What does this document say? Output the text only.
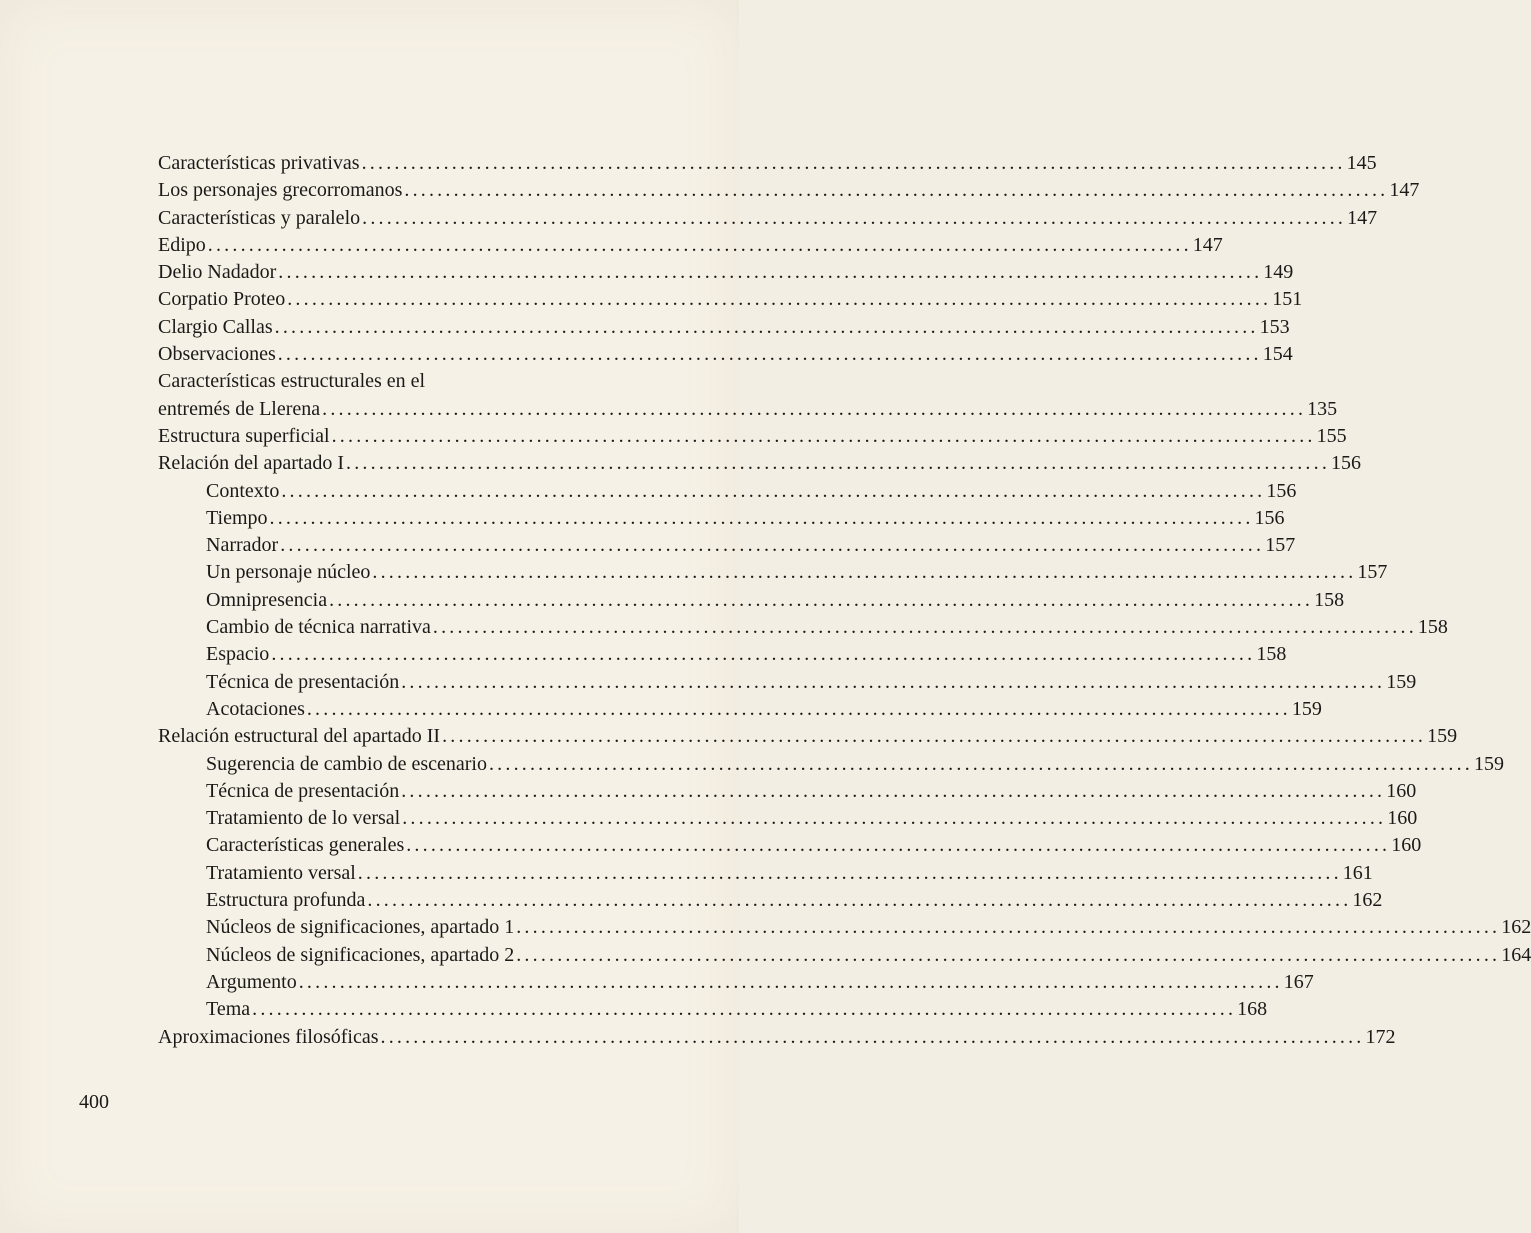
Características privativas ........................................................................................................................ 145
Los personajes grecorromanos ........................................................................................................................ 147
Características y paralelo ........................................................................................................................ 147
Edipo ........................................................................................................................ 147
Delio Nadador ........................................................................................................................ 149
Corpatio Proteo ........................................................................................................................ 151
Clargio Callas ........................................................................................................................ 153
Observaciones ........................................................................................................................ 154
Características estructurales en el
entremés de Llerena ........................................................................................................................ 135
Estructura superficial ........................................................................................................................ 155
Relación del apartado I ........................................................................................................................ 156
Contexto ........................................................................................................................ 156
Tiempo ........................................................................................................................ 156
Narrador ........................................................................................................................ 157
Un personaje núcleo ........................................................................................................................ 157
Omnipresencia ........................................................................................................................ 158
Cambio de técnica narrativa ........................................................................................................................ 158
Espacio ........................................................................................................................ 158
Técnica de presentación ........................................................................................................................ 159
Acotaciones ........................................................................................................................ 159
Relación estructural del apartado II ........................................................................................................................ 159
Sugerencia de cambio de escenario ........................................................................................................................ 159
Técnica de presentación ........................................................................................................................ 160
Tratamiento de lo versal ........................................................................................................................ 160
Características generales ........................................................................................................................ 160
Tratamiento versal ........................................................................................................................ 161
Estructura profunda ........................................................................................................................ 162
Núcleos de significaciones, apartado 1 ........................................................................................................................ 162
Núcleos de significaciones, apartado 2 ........................................................................................................................ 164
Argumento ........................................................................................................................ 167
Tema ........................................................................................................................ 168
Aproximaciones filosóficas ........................................................................................................................ 172
400
